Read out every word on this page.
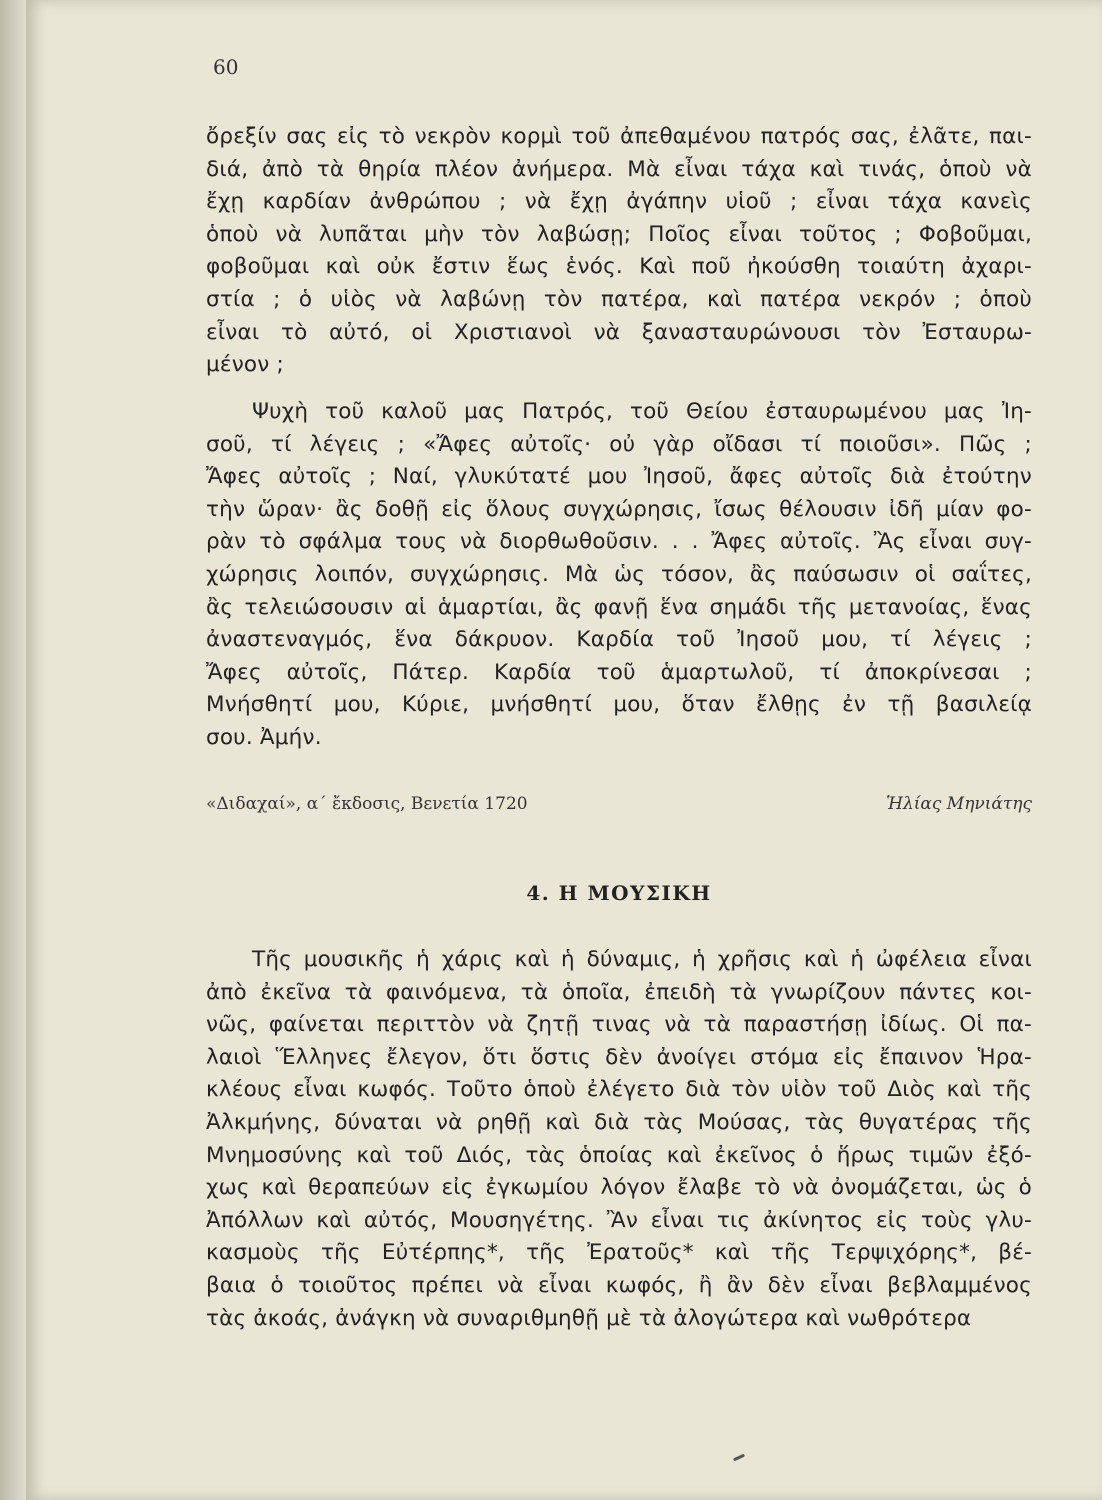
60
ὄρεξίν σας εἰς τὸ νεκρὸν κορμὶ τοῦ ἀπεθαμένου πατρός σας, ἐλᾶτε, παι-
διά, ἀπὸ τὰ θηρία πλέον ἀνήμερα. Μὰ εἶναι τάχα καὶ τινάς, ὁποὺ νὰ
ἔχῃ καρδίαν ἀνθρώπου ; νὰ ἔχῃ ἀγάπην υἱοῦ ; εἶναι τάχα κανεὶς
ὁποὺ νὰ λυπᾶται μὴν τὸν λαβώσῃ; Ποῖος εἶναι τοῦτος ; Φοβοῦμαι,
φοβοῦμαι καὶ οὐκ ἔστιν ἕως ἑνός. Καὶ ποῦ ἠκούσθη τοιαύτη ἀχαρι-
στία ; ὁ υἱὸς νὰ λαβώνῃ τὸν πατέρα, καὶ πατέρα νεκρόν ; ὁποὺ
εἶναι τὸ αὐτό, οἱ Χριστιανοὶ νὰ ξανασταυρώνουσι τὸν Ἐσταυρω-
μένον ;
Ψυχὴ τοῦ καλοῦ μας Πατρός, τοῦ Θείου ἐσταυρωμένου μας Ἰη-
σοῦ, τί λέγεις ; «Ἄφες αὐτοῖς· οὐ γὰρ οἴδασι τί ποιοῦσι». Πῶς ;
Ἄφες αὐτοῖς ; Ναί, γλυκύτατέ μου Ἰησοῦ, ἄφες αὐτοῖς διὰ ἐτούτην
τὴν ὥραν· ἂς δοθῇ εἰς ὅλους συγχώρησις, ἴσως θέλουσιν ἰδῆ μίαν φο-
ρὰν τὸ σφάλμα τους νὰ διορθωθοῦσιν. . . Ἄφες αὐτοῖς. Ἂς εἶναι συγ-
χώρησις λοιπόν, συγχώρησις. Μὰ ὡς τόσον, ἂς παύσωσιν οἱ σαΐτες,
ἂς τελειώσουσιν αἱ ἁμαρτίαι, ἂς φανῇ ἕνα σημάδι τῆς μετανοίας, ἕνας
ἀναστεναγμός, ἕνα δάκρυον. Καρδία τοῦ Ἰησοῦ μου, τί λέγεις ;
Ἄφες αὐτοῖς, Πάτερ. Καρδία τοῦ ἁμαρτωλοῦ, τί ἀποκρίνεσαι ;
Μνήσθητί μου, Κύριε, μνήσθητί μου, ὅταν ἔλθῃς ἐν τῇ βασιλείᾳ
σου. Ἀμήν.
«Διδαχαί», α´ ἔκδοσις, Βενετία 1720	Ἡλίας Μηνιάτης
4. Η ΜΟΥΣΙΚΗ
Τῆς μουσικῆς ἡ χάρις καὶ ἡ δύναμις, ἡ χρῆσις καὶ ἡ ὠφέλεια εἶναι
ἀπὸ ἐκεῖνα τὰ φαινόμενα, τὰ ὁποῖα, ἐπειδὴ τὰ γνωρίζουν πάντες κοι-
νῶς, φαίνεται περιττὸν νὰ ζητῇ τινας νὰ τὰ παραστήσῃ ἰδίως. Οἱ πα-
λαιοὶ Ἕλληνες ἔλεγον, ὅτι ὅστις δὲν ἀνοίγει στόμα εἰς ἔπαινον Ἡρα-
κλέους εἶναι κωφός. Τοῦτο ὁποὺ ἐλέγετο διὰ τὸν υἱὸν τοῦ Διὸς καὶ τῆς
Ἀλκμήνης, δύναται νὰ ρηθῇ καὶ διὰ τὰς Μούσας, τὰς θυγατέρας τῆς
Μνημοσύνης καὶ τοῦ Διός, τὰς ὁποίας καὶ ἐκεῖνος ὁ ἥρως τιμῶν ἐξό-
χως καὶ θεραπεύων εἰς ἐγκωμίου λόγον ἔλαβε τὸ νὰ ὀνομάζεται, ὡς ὁ
Ἀπόλλων καὶ αὐτός, Μουσηγέτης. Ἂν εἶναι τις ἀκίνητος εἰς τοὺς γλυ-
κασμοὺς τῆς Εὐτέρπης*, τῆς Ἐρατοῦς* καὶ τῆς Τερψιχόρης*, βέ-
βαια ὁ τοιοῦτος πρέπει νὰ εἶναι κωφός, ἢ ἂν δὲν εἶναι βεβλαμμένος
τὰς ἀκοάς, ἀνάγκη νὰ συναριθμηθῇ μὲ τὰ ἀλογώτερα καὶ νωθρότερα
